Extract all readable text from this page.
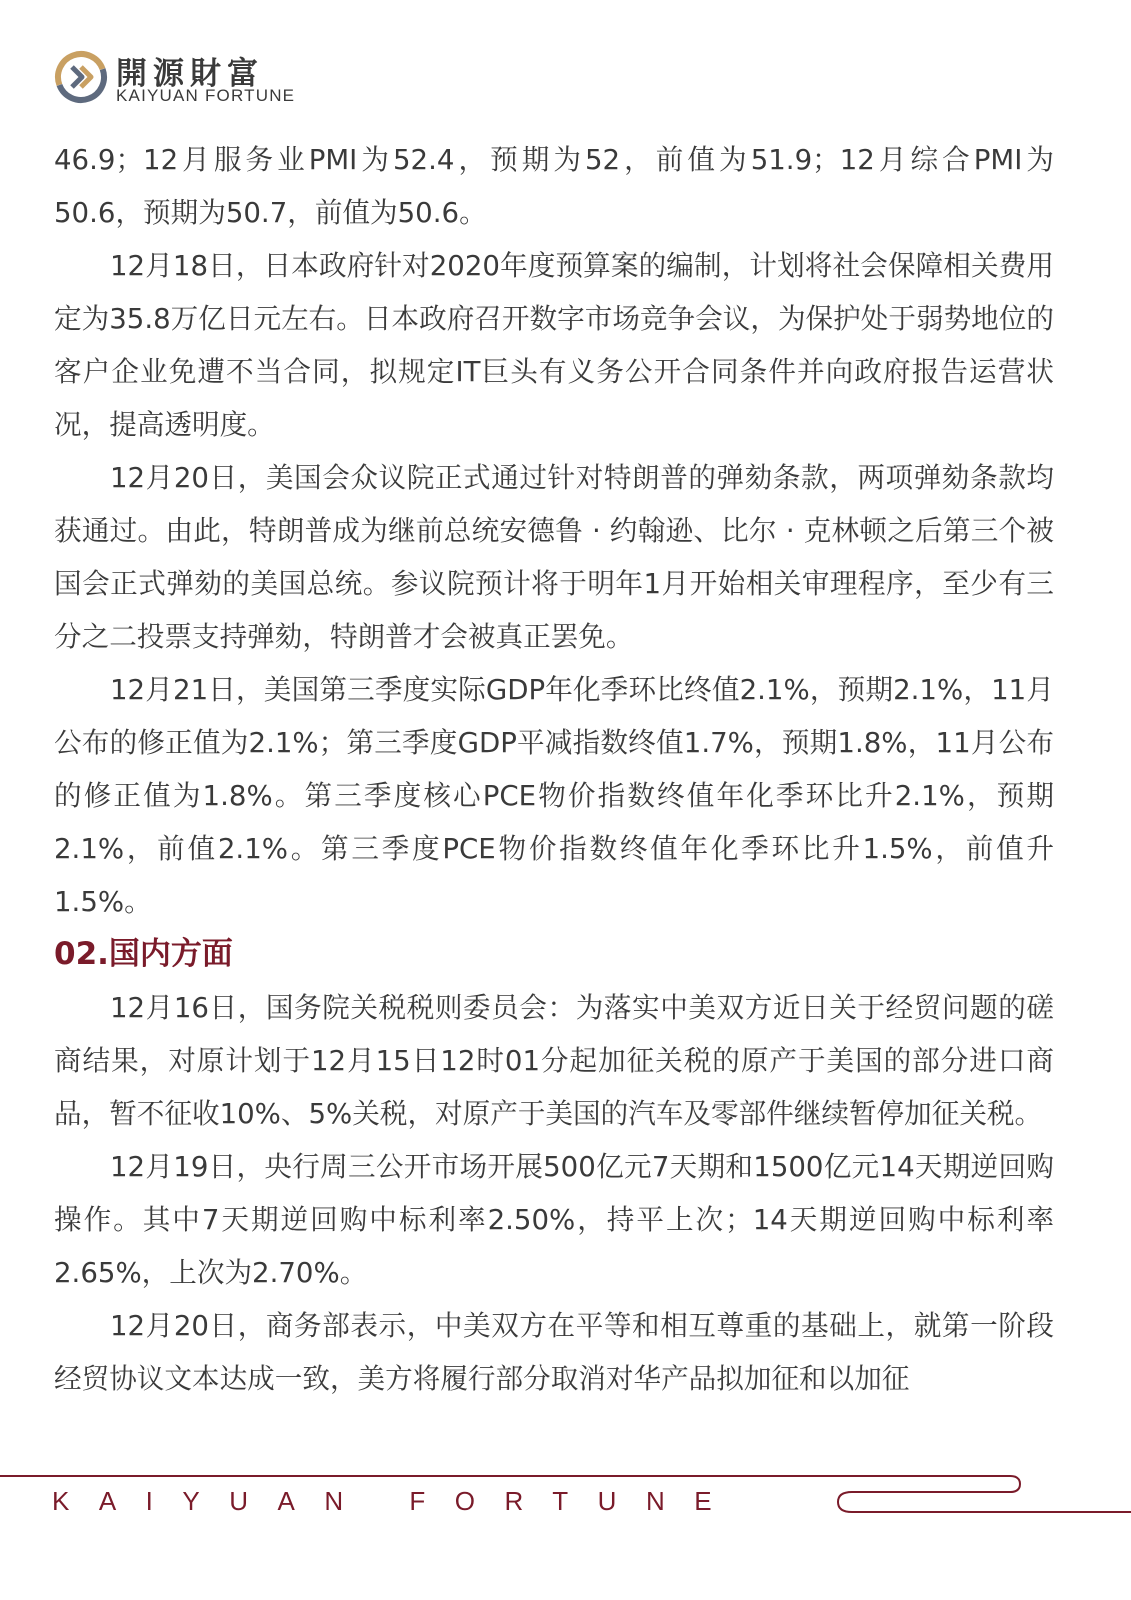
開源財富
KAIYUAN FORTUNE

46.9；12月服务业PMI为52.4，预期为52，前值为51.9；12月综合PMI为50.6，预期为50.7，前值为50.6。

12月18日，日本政府针对2020年度预算案的编制，计划将社会保障相关费用定为35.8万亿日元左右。日本政府召开数字市场竞争会议，为保护处于弱势地位的客户企业免遭不当合同，拟规定IT巨头有义务公开合同条件并向政府报告运营状况，提高透明度。

12月20日，美国会众议院正式通过针对特朗普的弹劾条款，两项弹劾条款均获通过。由此，特朗普成为继前总统安德鲁 · 约翰逊、比尔 · 克林顿之后第三个被国会正式弹劾的美国总统。参议院预计将于明年1月开始相关审理程序，至少有三分之二投票支持弹劾，特朗普才会被真正罢免。

12月21日，美国第三季度实际GDP年化季环比终值2.1%，预期2.1%，11月公布的修正值为2.1%；第三季度GDP平减指数终值1.7%，预期1.8%，11月公布的修正值为1.8%。第三季度核心PCE物价指数终值年化季环比升2.1%，预期2.1%，前值2.1%。第三季度PCE物价指数终值年化季环比升1.5%，前值升1.5%。

02.国内方面

12月16日，国务院关税税则委员会：为落实中美双方近日关于经贸问题的磋商结果，对原计划于12月15日12时01分起加征关税的原产于美国的部分进口商品，暂不征收10%、5%关税，对原产于美国的汽车及零部件继续暂停加征关税。

12月19日，央行周三公开市场开展500亿元7天期和1500亿元14天期逆回购操作。其中7天期逆回购中标利率2.50%，持平上次；14天期逆回购中标利率2.65%，上次为2.70%。

12月20日，商务部表示，中美双方在平等和相互尊重的基础上，就第一阶段经贸协议文本达成一致，美方将履行部分取消对华产品拟加征和以加征

KAIYUAN FORTUNE
